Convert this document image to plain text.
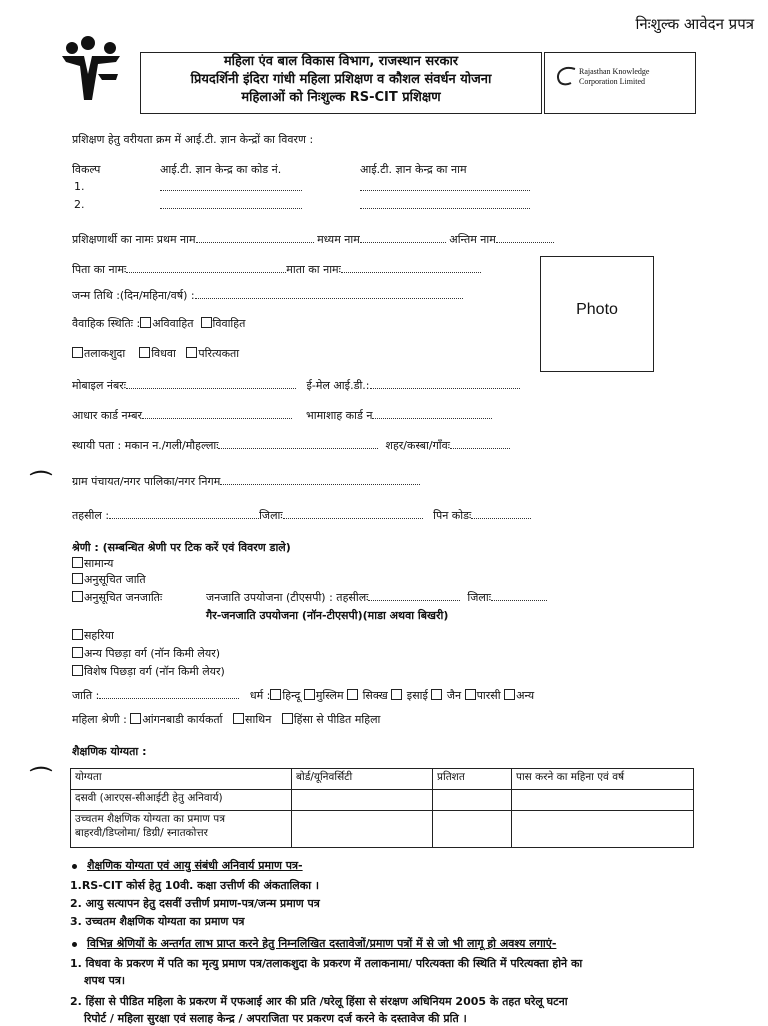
निःशुल्क आवेदन प्रपत्र
महिला एंव बाल विकास विभाग, राजस्थान सरकार
प्रियदर्शिनी इंदिरा गांधी महिला प्रशिक्षण व कौशल संवर्धन योजना
महिलाओं को निःशुल्क RS-CIT प्रशिक्षण
Rajasthan Knowledge
Corporation Limited
प्रशिक्षण हेतु वरीयता क्रम में आई.टी. ज्ञान केन्द्रों का विवरण :
विकल्प	आई.टी. ज्ञान केन्द्र का कोड नं.	आई.टी. ज्ञान केन्द्र का नाम
1.
2.
प्रशिक्षणार्थी का नामः प्रथम नाम	मध्यम नाम	अन्तिम नाम
पिता का नामः	माता का नामः
जन्म तिथि :(दिन/महिना/वर्ष) :
Photo
वैवाहिक स्थितिः : अविवाहित विवाहित
तलाकशुदा विधवा परित्यकता
मोबाइल नंबरः	ई-मेल आई.डी.:
आधार कार्ड नम्बर	भामाशाह कार्ड न
स्थायी पता : मकान न./गली/मौहल्लाः	शहर/कस्बा/गाँवः
⌒ ग्राम पंचायत/नगर पालिका/नगर निगम
तहसील :	जिलाः	पिन कोडः
श्रेणी : (सम्बन्धित श्रेणी पर टिक करें एवं विवरण डाले)
सामान्य
अनुसूचित जाति
अनुसूचित जनजातिः	जनजाति उपयोजना (टीएसपी) : तहसीलः	जिलाः
गैर-जनजाति उपयोजना (नॉन-टीएसपी)(माडा अथवा बिखरी)
सहरिया
अन्य पिछड़ा वर्ग (नॉन किमी लेयर)
विशेष पिछड़ा वर्ग (नॉन किमी लेयर)
जाति :	धर्म : हिन्दू मुस्लिम सिक्ख इसाई जैन पारसी अन्य
महिला श्रेणी : आंगनबाडी कार्यकर्ता साथिन हिंसा से पीडित महिला
शैक्षणिक योग्यता :
⌒ योग्यता	बोर्ड/यूनिवर्सिटी	प्रतिशत	पास करने का महिना एवं वर्ष
दसवी (आरएस-सीआईटी हेतु अनिवार्य)			
उच्चतम शैक्षणिक योग्यता का प्रमाण पत्र
बाहरवी/डिप्लोमा/ डिग्री/ स्नातकोत्तर			
शैक्षणिक योग्यता एवं आयु संबंधी अनिवार्य प्रमाण पत्र-
1.RS-CIT कोर्स हेतु 10वी. कक्षा उत्तीर्ण की अंकतालिका ।
2. आयु सत्यापन हेतु दसवीं उत्तीर्ण प्रमाण-पत्र/जन्म प्रमाण पत्र
3. उच्चतम शैक्षणिक योग्यता का प्रमाण पत्र
विभिन्न श्रेणियों के अन्तर्गत लाभ प्राप्त करने हेतु निम्नलिखित दस्तावेजों/प्रमाण पत्रों में से जो भी लागू हो अवश्य लगाएं-
1. विधवा के प्रकरण में पति का मृत्यु प्रमाण पत्र/तलाकशुदा के प्रकरण में तलाकनामा/ परित्यक्ता की स्थिति में परित्यक्ता होने का
शपथ पत्र।
2. हिंसा से पीडित महिला के प्रकरण में एफआई आर की प्रति /घरेलू हिंसा से संरक्षण अधिनियम 2005 के तहत घरेलू घटना
रिपोर्ट / महिला सुरक्षा एवं सलाह केन्द्र / अपराजिता पर प्रकरण दर्ज करने के दस्तावेज की प्रति ।
